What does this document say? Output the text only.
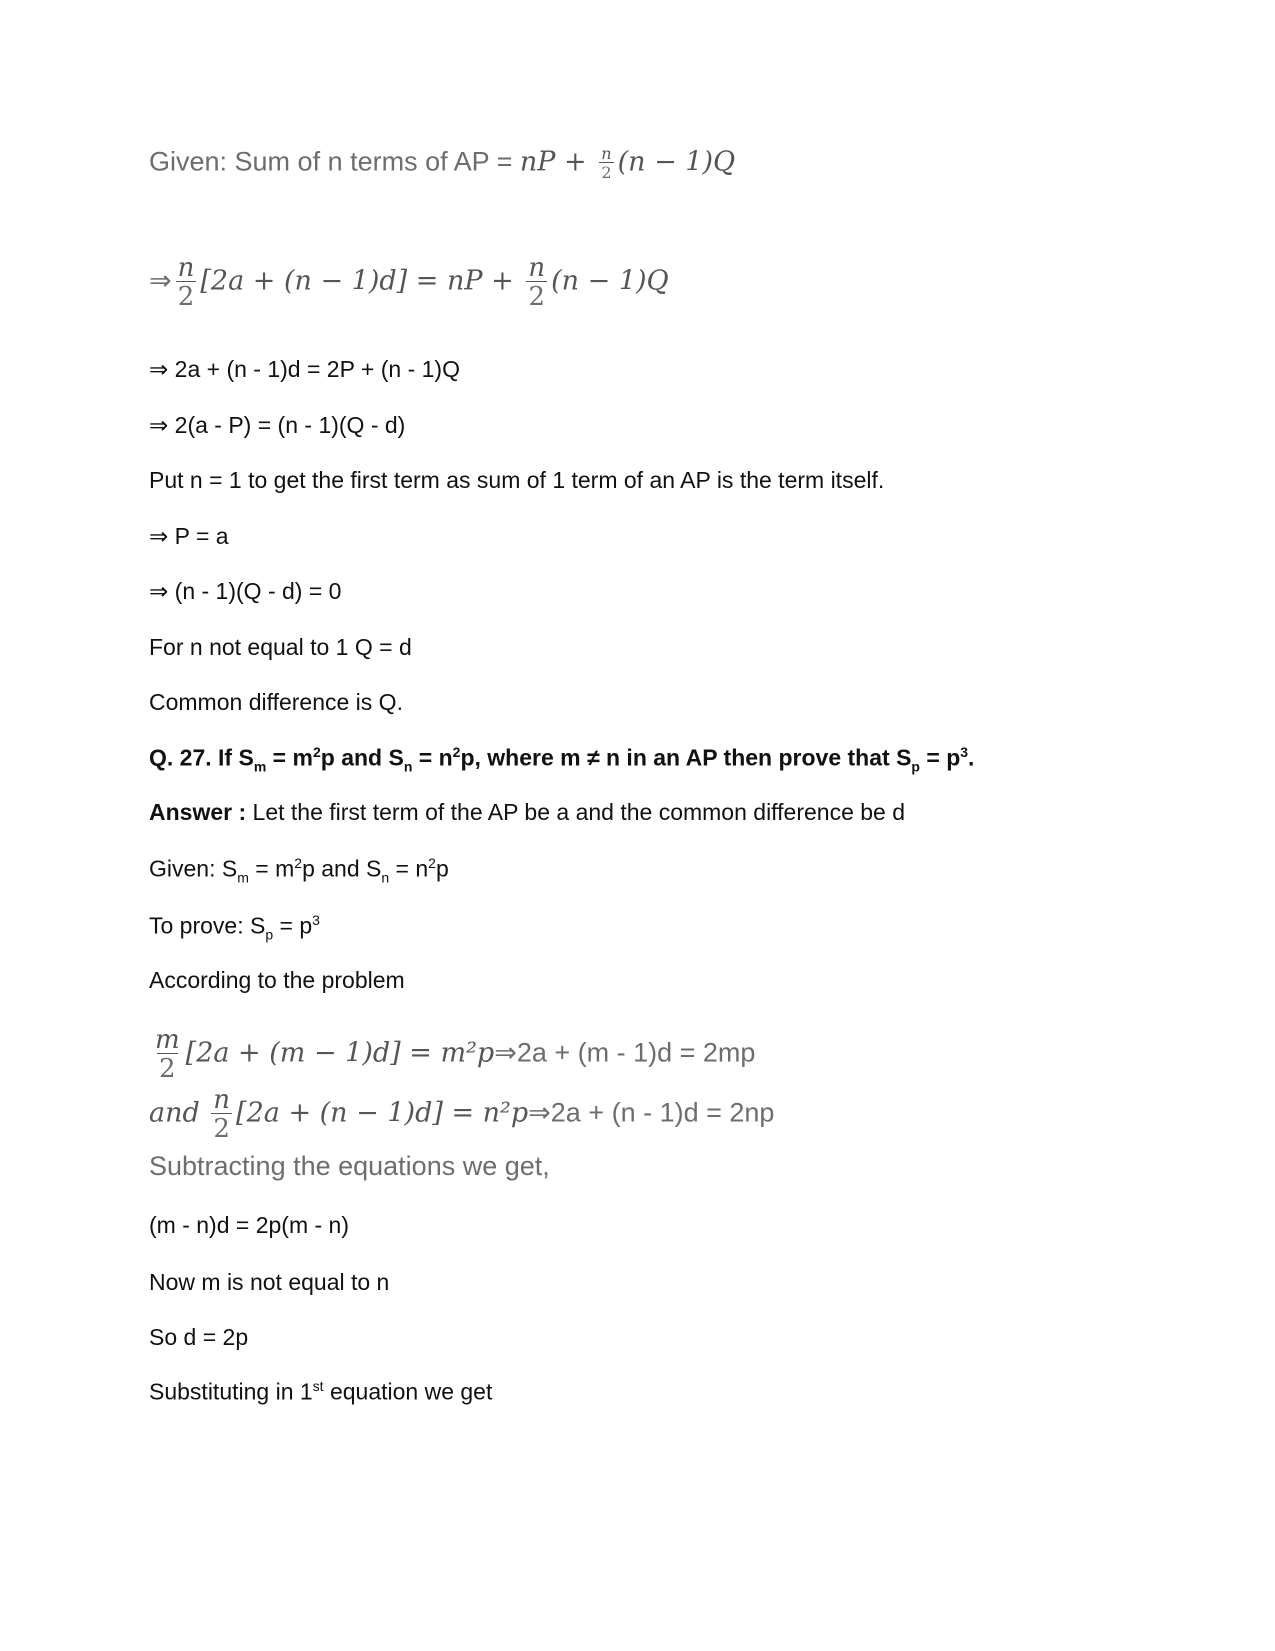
Given: Sum of n terms of AP = nP + $\frac{n}{2} (n - 1)Q$
⇒ $\frac{n}{2} [2a + (n - 1)d]$ = nP + $\frac{n}{2} (n - 1)Q$
⇒ 2a + (n - 1)d = 2P + (n - 1)Q
⇒ 2(a - P) = (n - 1)(Q - d)
Put n = 1 to get the first term as sum of 1 term of an AP is the term itself.
⇒ P = a
⇒ (n - 1)(Q - d) = 0
For n not equal to 1 Q = d
Common difference is Q.
Q. 27. If $S_m = m^2p$ and $S_n = n^2p$, where m ≠ n in an AP then prove that $S_p = p^3$.
Answer : Let the first term of the AP be a and the common difference be d
Given: $S_m = m^2p$ and $S_n = n^2p$
To prove: $S_p = p^3$
According to the problem
$\frac{m}{2} [2a + (m - 1)d]$ = m²p⇒2a + (m - 1)d = 2mp
and $\frac{n}{2} [2a + (n - 1)d]$ = n²p⇒2a + (n - 1)d = 2np
Subtracting the equations we get,
(m - n)d = 2p(m - n)
Now m is not equal to n
So d = 2p
Substituting in 1st equation we get
